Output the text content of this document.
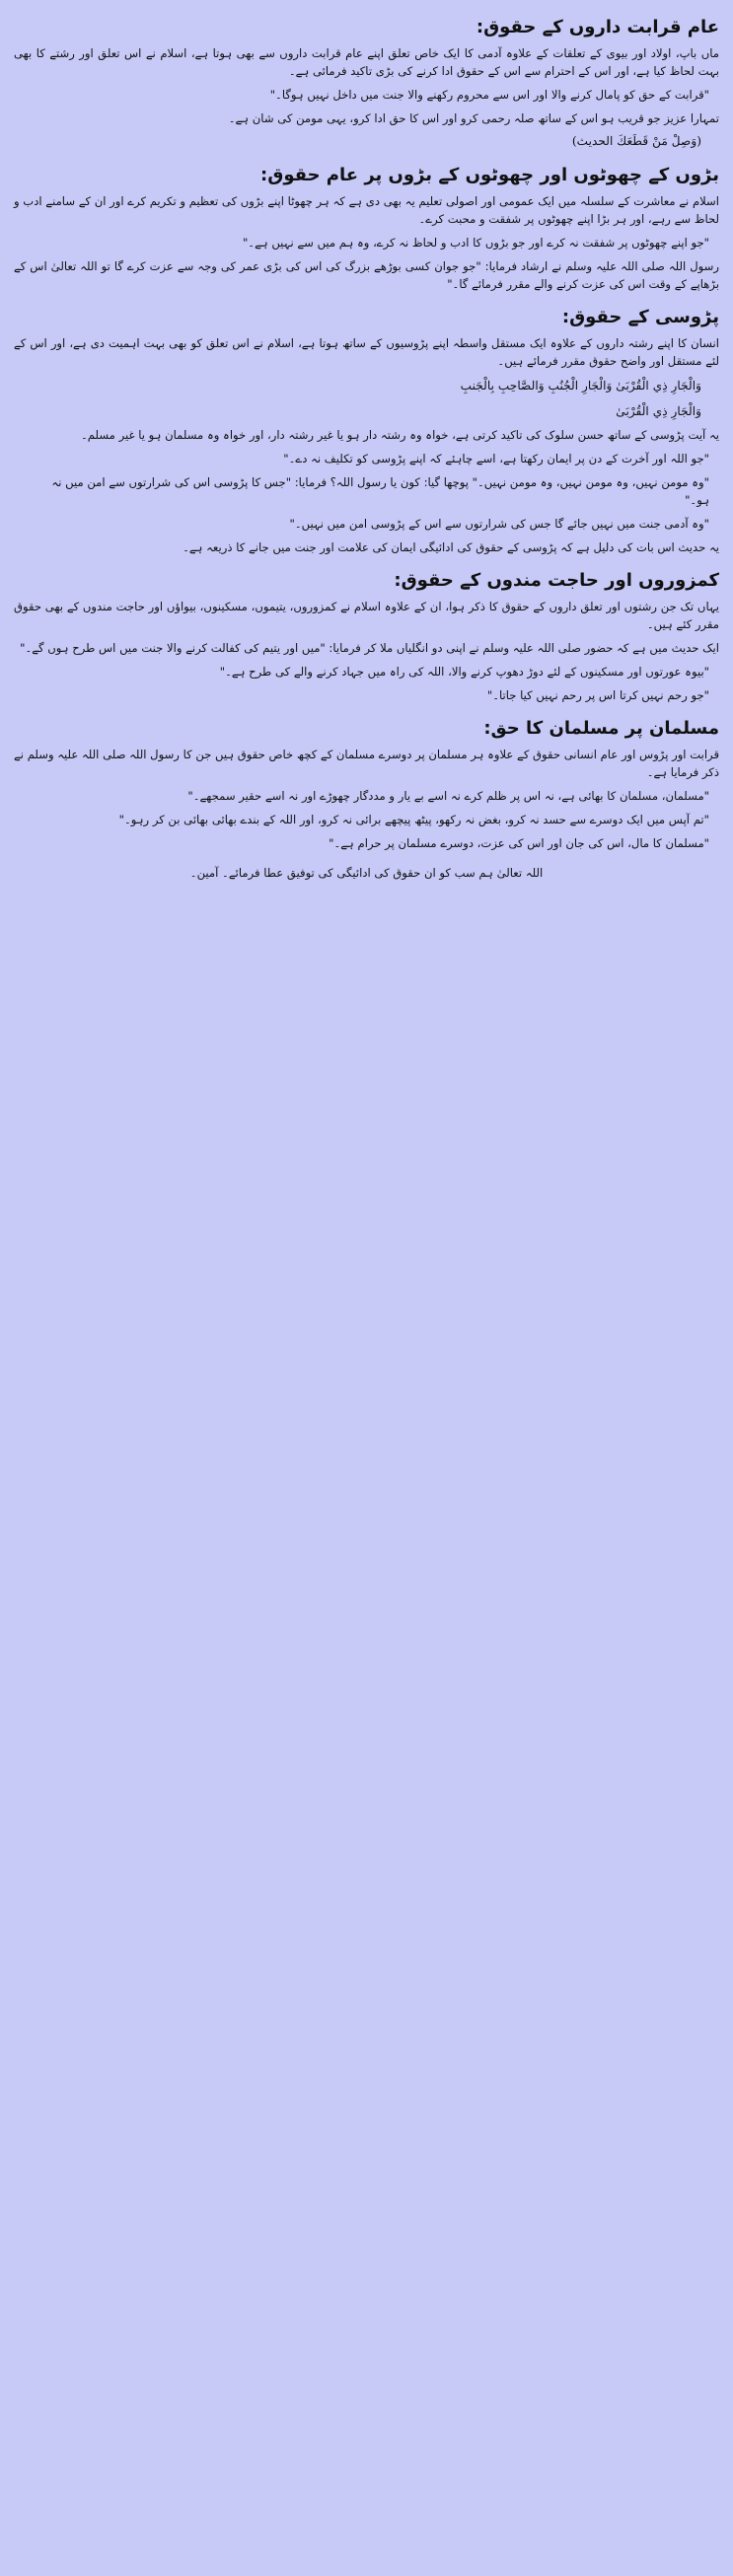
عام قرابت داروں کے حقوق:
ماں باپ، اولاد اور بیوی کے تعلقات کے علاوہ آدمی کا ایک خاص تعلق اپنے عام قرابت داروں سے بھی ہوتا ہے، اسلام نے اس تعلق اور رشتے کا بھی بہت لحاظ کیا ہے، اور اس کے احترام سے اس کے حقوق ادا کرنے کی بڑی تاکید فرمائی ہے۔
"قرابت کے حق کو پامال کرنے والا اور اس سے محروم رکھنے والا جنت میں داخل نہیں ہوگا۔"
تمہارا عزیز جو قریب ہو اس کے ساتھ صلہ رحمی کرو اور اس کا حق ادا کرو، یہی مومن کی شان ہے۔
(وَصِلْ مَنْ قَطَعَكَ الحدیث)
بڑوں کے چھوٹوں اور چھوٹوں کے بڑوں پر عام حقوق:
اسلام نے معاشرت کے سلسلہ میں ایک عمومی اور اصولی تعلیم یہ بھی دی ہے کہ ہر چھوٹا اپنے بڑوں کی تعظیم و تکریم کرے اور ان کے سامنے ادب و لحاظ سے رہے، اور ہر بڑا اپنے چھوٹوں پر شفقت و محبت کرے۔
"جو اپنے چھوٹوں پر شفقت نہ کرے اور جو بڑوں کا ادب و لحاظ نہ کرے، وہ ہم میں سے نہیں ہے۔"
رسول اللہ صلی اللہ علیہ وسلم نے ارشاد فرمایا: "جو جوان کسی بوڑھے بزرگ کی اس کی بڑی عمر کی وجہ سے عزت کرے گا تو اللہ تعالیٰ اس کے بڑھاپے کے وقت اس کی عزت کرنے والے مقرر فرمائے گا۔"
پڑوسی کے حقوق:
انسان کا اپنے رشتہ داروں کے علاوہ ایک مستقل واسطہ اپنے پڑوسیوں کے ساتھ ہوتا ہے، اسلام نے اس تعلق کو بھی بہت اہمیت دی ہے، اور اس کے لئے مستقل اور واضح حقوق مقرر فرمائے ہیں۔
وَالْجَارِ ذِي الْقُرْبَىٰ وَالْجَارِ الْجُنُبِ وَالصَّاحِبِ بِالْجَنبِ
وَالْجَارِ ذِي الْقُرْبَىٰ
یہ آیت پڑوسی کے ساتھ حسن سلوک کی تاکید کرتی ہے، خواہ وہ رشتہ دار ہو یا غیر رشتہ دار، اور خواہ وہ مسلمان ہو یا غیر مسلم۔
"جو اللہ اور آخرت کے دن پر ایمان رکھتا ہے، اسے چاہئے کہ اپنے پڑوسی کو تکلیف نہ دے۔"
"وہ مومن نہیں، وہ مومن نہیں، وہ مومن نہیں۔" پوچھا گیا: کون یا رسول اللہ؟ فرمایا: "جس کا پڑوسی اس کی شرارتوں سے امن میں نہ ہو۔"
"وہ آدمی جنت میں نہیں جائے گا جس کی شرارتوں سے اس کے پڑوسی امن میں نہیں۔"
یہ حدیث اس بات کی دلیل ہے کہ پڑوسی کے حقوق کی ادائیگی ایمان کی علامت اور جنت میں جانے کا ذریعہ ہے۔
کمزوروں اور حاجت مندوں کے حقوق:
یہاں تک جن رشتوں اور تعلق داروں کے حقوق کا ذکر ہوا، ان کے علاوہ اسلام نے کمزوروں، یتیموں، مسکینوں، بیواؤں اور حاجت مندوں کے بھی حقوق مقرر کئے ہیں۔
ایک حدیث میں ہے کہ حضور صلی اللہ علیہ وسلم نے اپنی دو انگلیاں ملا کر فرمایا: "میں اور یتیم کی کفالت کرنے والا جنت میں اس طرح ہوں گے۔"
"بیوہ عورتوں اور مسکینوں کے لئے دوڑ دھوپ کرنے والا، اللہ کی راہ میں جہاد کرنے والے کی طرح ہے۔"
"جو رحم نہیں کرتا اس پر رحم نہیں کیا جاتا۔"
مسلمان پر مسلمان کا حق:
قرابت اور پڑوس اور عام انسانی حقوق کے علاوہ ہر مسلمان پر دوسرے مسلمان کے کچھ خاص حقوق ہیں جن کا رسول اللہ صلی اللہ علیہ وسلم نے ذکر فرمایا ہے۔
"مسلمان، مسلمان کا بھائی ہے، نہ اس پر ظلم کرے نہ اسے بے یار و مددگار چھوڑے اور نہ اسے حقیر سمجھے۔"
"تم آپس میں ایک دوسرے سے حسد نہ کرو، بغض نہ رکھو، پیٹھ پیچھے برائی نہ کرو، اور اللہ کے بندے بھائی بھائی بن کر رہو۔"
"مسلمان کا مال، اس کی جان اور اس کی عزت، دوسرے مسلمان پر حرام ہے۔"
اللہ تعالیٰ ہم سب کو ان حقوق کی ادائیگی کی توفیق عطا فرمائے۔ آمین۔
